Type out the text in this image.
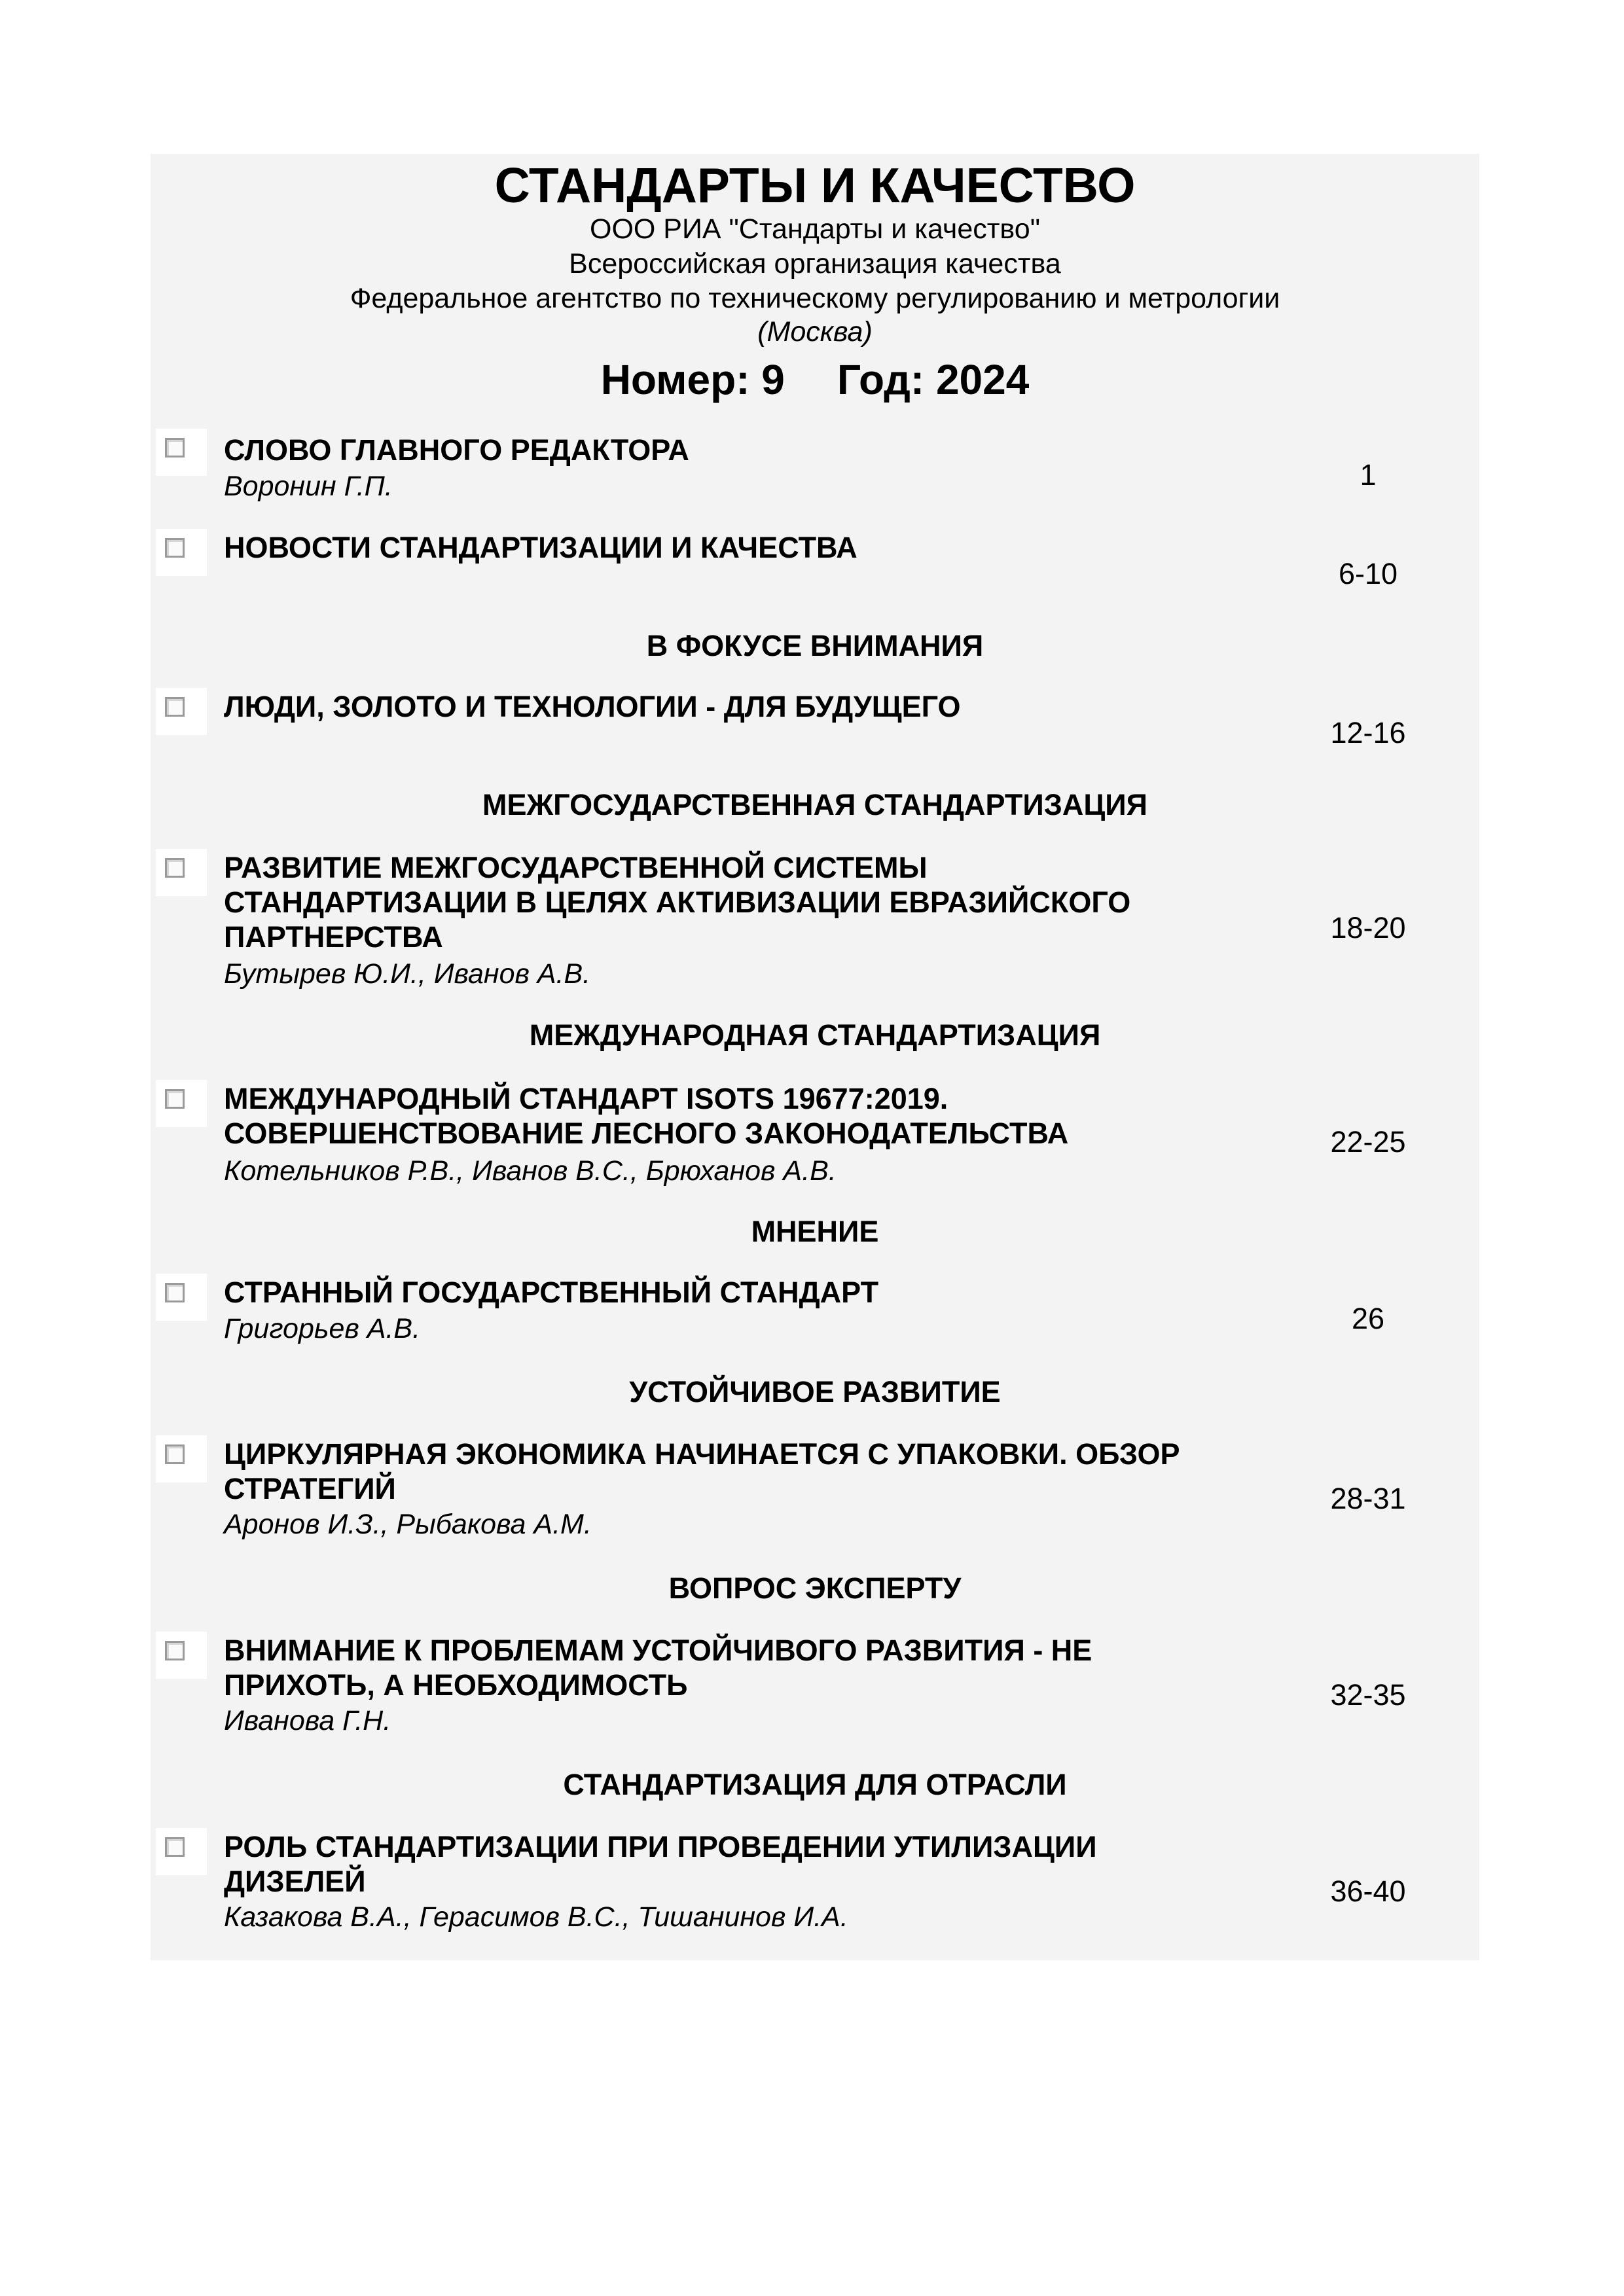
СТАНДАРТЫ И КАЧЕСТВО
ООО РИА "Стандарты и качество"
Всероссийская организация качества
Федеральное агентство по техническому регулированию и метрологии
(Москва)
Номер: 9 Год: 2024
СЛОВО ГЛАВНОГО РЕДАКТОРА
Воронин Г.П.	1
НОВОСТИ СТАНДАРТИЗАЦИИ И КАЧЕСТВА
6-10
В ФОКУСЕ ВНИМАНИЯ
ЛЮДИ, ЗОЛОТО И ТЕХНОЛОГИИ - ДЛЯ БУДУЩЕГО
12-16
МЕЖГОСУДАРСТВЕННАЯ СТАНДАРТИЗАЦИЯ
РАЗВИТИЕ МЕЖГОСУДАРСТВЕННОЙ СИСТЕМЫ
СТАНДАРТИЗАЦИИ В ЦЕЛЯХ АКТИВИЗАЦИИ ЕВРАЗИЙСКОГО
ПАРТНЕРСТВА
Бутырев Ю.И., Иванов А.В.
18-20
МЕЖДУНАРОДНАЯ СТАНДАРТИЗАЦИЯ
МЕЖДУНАРОДНЫЙ СТАНДАРТ ISOTS 19677:2019.
СОВЕРШЕНСТВОВАНИЕ ЛЕСНОГО ЗАКОНОДАТЕЛЬСТВА
Котельников Р.В., Иванов В.С., Брюханов А.В.
22-25
МНЕНИЕ
СТРАННЫЙ ГОСУДАРСТВЕННЫЙ СТАНДАРТ
Григорьев А.В.	26
УСТОЙЧИВОЕ РАЗВИТИЕ
ЦИРКУЛЯРНАЯ ЭКОНОМИКА НАЧИНАЕТСЯ С УПАКОВКИ. ОБЗОР
СТРАТЕГИЙ
Аронов И.З., Рыбакова А.М.
28-31
ВОПРОС ЭКСПЕРТУ
ВНИМАНИЕ К ПРОБЛЕМАМ УСТОЙЧИВОГО РАЗВИТИЯ - НЕ
ПРИХОТЬ, А НЕОБХОДИМОСТЬ
Иванова Г.Н.
32-35
СТАНДАРТИЗАЦИЯ ДЛЯ ОТРАСЛИ
РОЛЬ СТАНДАРТИЗАЦИИ ПРИ ПРОВЕДЕНИИ УТИЛИЗАЦИИ
ДИЗЕЛЕЙ
Казакова В.А., Герасимов В.С., Тишанинов И.А.
36-40
